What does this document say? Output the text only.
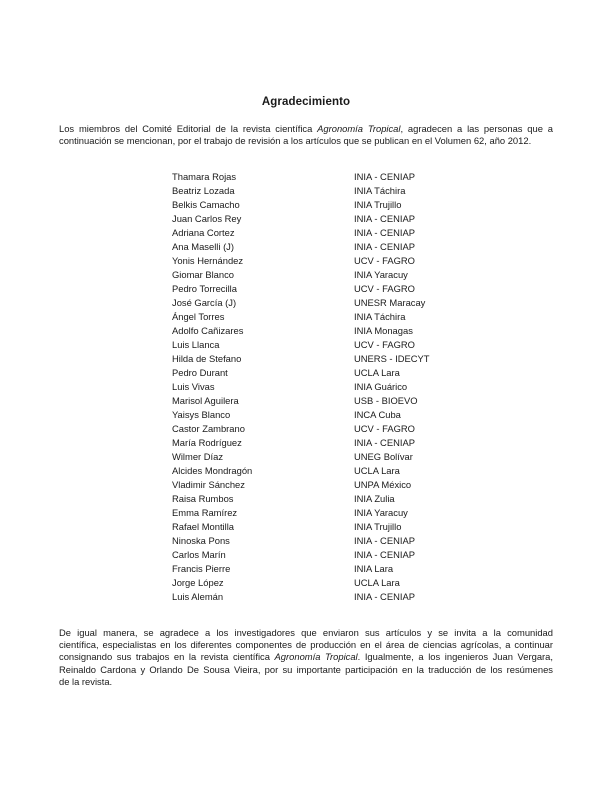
Agradecimiento
Los miembros del Comité Editorial de la revista científica Agronomía Tropical, agradecen a las personas que a
continuación se mencionan, por el trabajo de revisión a los artículos que se publican en el Volumen 62, año 2012.
Thamara Rojas	INIA - CENIAP
Beatriz Lozada	INIA Táchira
Belkis Camacho	INIA Trujillo
Juan Carlos Rey	INIA - CENIAP
Adriana Cortez	INIA - CENIAP
Ana Maselli (J)	INIA - CENIAP
Yonis Hernández	UCV - FAGRO
Giomar Blanco	INIA Yaracuy
Pedro Torrecilla	UCV - FAGRO
José García (J)	UNESR Maracay
Ángel Torres	INIA Táchira
Adolfo Cañizares	INIA Monagas
Luis Llanca	UCV - FAGRO
Hilda de Stefano	UNERS - IDECYT
Pedro Durant	UCLA Lara
Luis Vivas	INIA Guárico
Marisol Aguilera	USB - BIOEVO
Yaisys Blanco	INCA Cuba
Castor Zambrano	UCV - FAGRO
María Rodríguez	INIA - CENIAP
Wilmer Díaz	UNEG Bolívar
Alcides Mondragón	UCLA Lara
Vladimir Sánchez	UNPA México
Raisa Rumbos	INIA Zulia
Emma Ramírez	INIA Yaracuy
Rafael Montilla	INIA Trujillo
Ninoska Pons	INIA - CENIAP
Carlos Marín	INIA - CENIAP
Francis Pierre	INIA Lara
Jorge López	UCLA Lara
Luis Alemán	INIA - CENIAP
De igual manera, se agradece a los investigadores que enviaron sus artículos y se invita a la comunidad
científica, especialistas en los diferentes componentes de producción en el área de ciencias agrícolas, a continuar
consignando sus trabajos en la revista científica Agronomía Tropical. Igualmente, a los ingenieros Juan Vergara,
Reinaldo Cardona y Orlando De Sousa Vieira, por su importante participación en la traducción de los resúmenes
de la revista.
